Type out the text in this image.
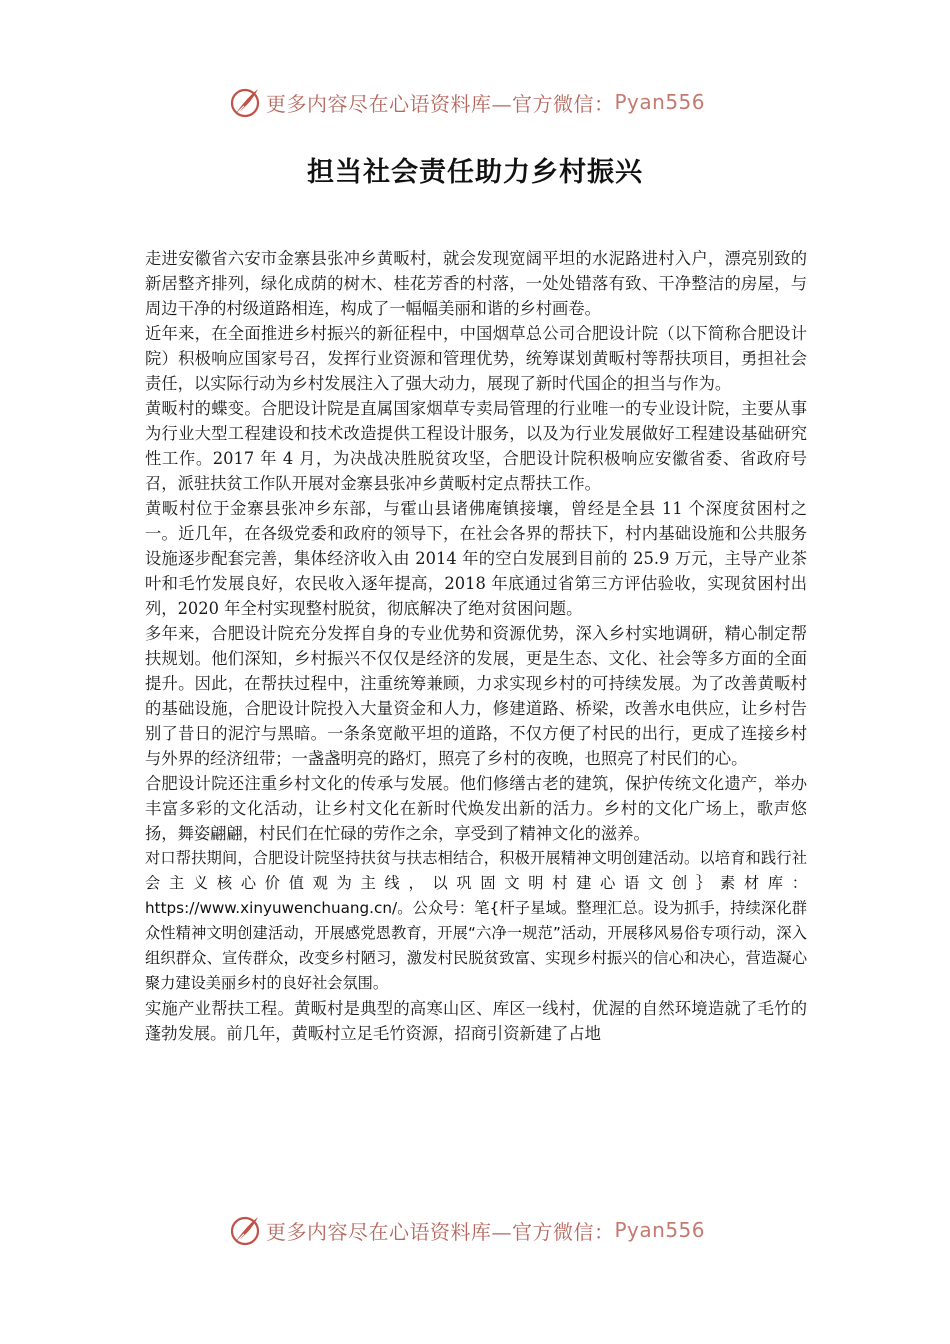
更多内容尽在心语资料库—官方微信： Pyan556
担当社会责任助力乡村振兴

走进安徽省六安市金寨县张冲乡黄畈村，就会发现宽阔平坦的水泥路进村入户，漂亮别致的新居整齐排列，绿化成荫的树木、桂花芳香的村落，一处处错落有致、干净整洁的房屋，与周边干净的村级道路相连，构成了一幅幅美丽和谐的乡村画卷。

近年来，在全面推进乡村振兴的新征程中，中国烟草总公司合肥设计院（以下简称合肥设计院）积极响应国家号召，发挥行业资源和管理优势，统筹谋划黄畈村等帮扶项目，勇担社会责任，以实际行动为乡村发展注入了强大动力，展现了新时代国企的担当与作为。

黄畈村的蝶变。合肥设计院是直属国家烟草专卖局管理的行业唯一的专业设计院，主要从事为行业大型工程建设和技术改造提供工程设计服务，以及为行业发展做好工程建设基础研究性工作。2017 年 4 月，为决战决胜脱贫攻坚，合肥设计院积极响应安徽省委、省政府号召，派驻扶贫工作队开展对金寨县张冲乡黄畈村定点帮扶工作。

黄畈村位于金寨县张冲乡东部，与霍山县诸佛庵镇接壤，曾经是全县 11 个深度贫困村之一。近几年，在各级党委和政府的领导下，在社会各界的帮扶下，村内基础设施和公共服务设施逐步配套完善，集体经济收入由 2014 年的空白发展到目前的 25.9 万元，主导产业茶叶和毛竹发展良好，农民收入逐年提高，2018 年底通过省第三方评估验收，实现贫困村出列，2020 年全村实现整村脱贫，彻底解决了绝对贫困问题。

多年来，合肥设计院充分发挥自身的专业优势和资源优势，深入乡村实地调研，精心制定帮扶规划。他们深知，乡村振兴不仅仅是经济的发展，更是生态、文化、社会等多方面的全面提升。因此，在帮扶过程中，注重统筹兼顾，力求实现乡村的可持续发展。为了改善黄畈村的基础设施，合肥设计院投入大量资金和人力，修建道路、桥梁，改善水电供应，让乡村告别了昔日的泥泞与黑暗。一条条宽敞平坦的道路，不仅方便了村民的出行，更成了连接乡村与外界的经济纽带；一盏盏明亮的路灯，照亮了乡村的夜晚，也照亮了村民们的心。

合肥设计院还注重乡村文化的传承与发展。他们修缮古老的建筑，保护传统文化遗产，举办丰富多彩的文化活动，让乡村文化在新时代焕发出新的活力。乡村的文化广场上，歌声悠扬，舞姿翩翩，村民们在忙碌的劳作之余，享受到了精神文化的滋养。

对口帮扶期间，合肥设计院坚持扶贫与扶志相结合，积极开展精神文明创建活动。以培育和践行社会主义核心价值观为主线，以巩固文明村建心语文创｝素材库：https://www.xinyuwenchuang.cn/。公众号：笔{杆子星域。整理汇总。设为抓手，持续深化群众性精神文明创建活动，开展感党恩教育，开展“六净一规范”活动，开展移风易俗专项行动，深入组织群众、宣传群众，改变乡村陋习，激发村民脱贫致富、实现乡村振兴的信心和决心，营造凝心聚力建设美丽乡村的良好社会氛围。

实施产业帮扶工程。黄畈村是典型的高寒山区、库区一线村，优渥的自然环境造就了毛竹的蓬勃发展。前几年，黄畈村立足毛竹资源，招商引资新建了占地

更多内容尽在心语资料库—官方微信： Pyan556
